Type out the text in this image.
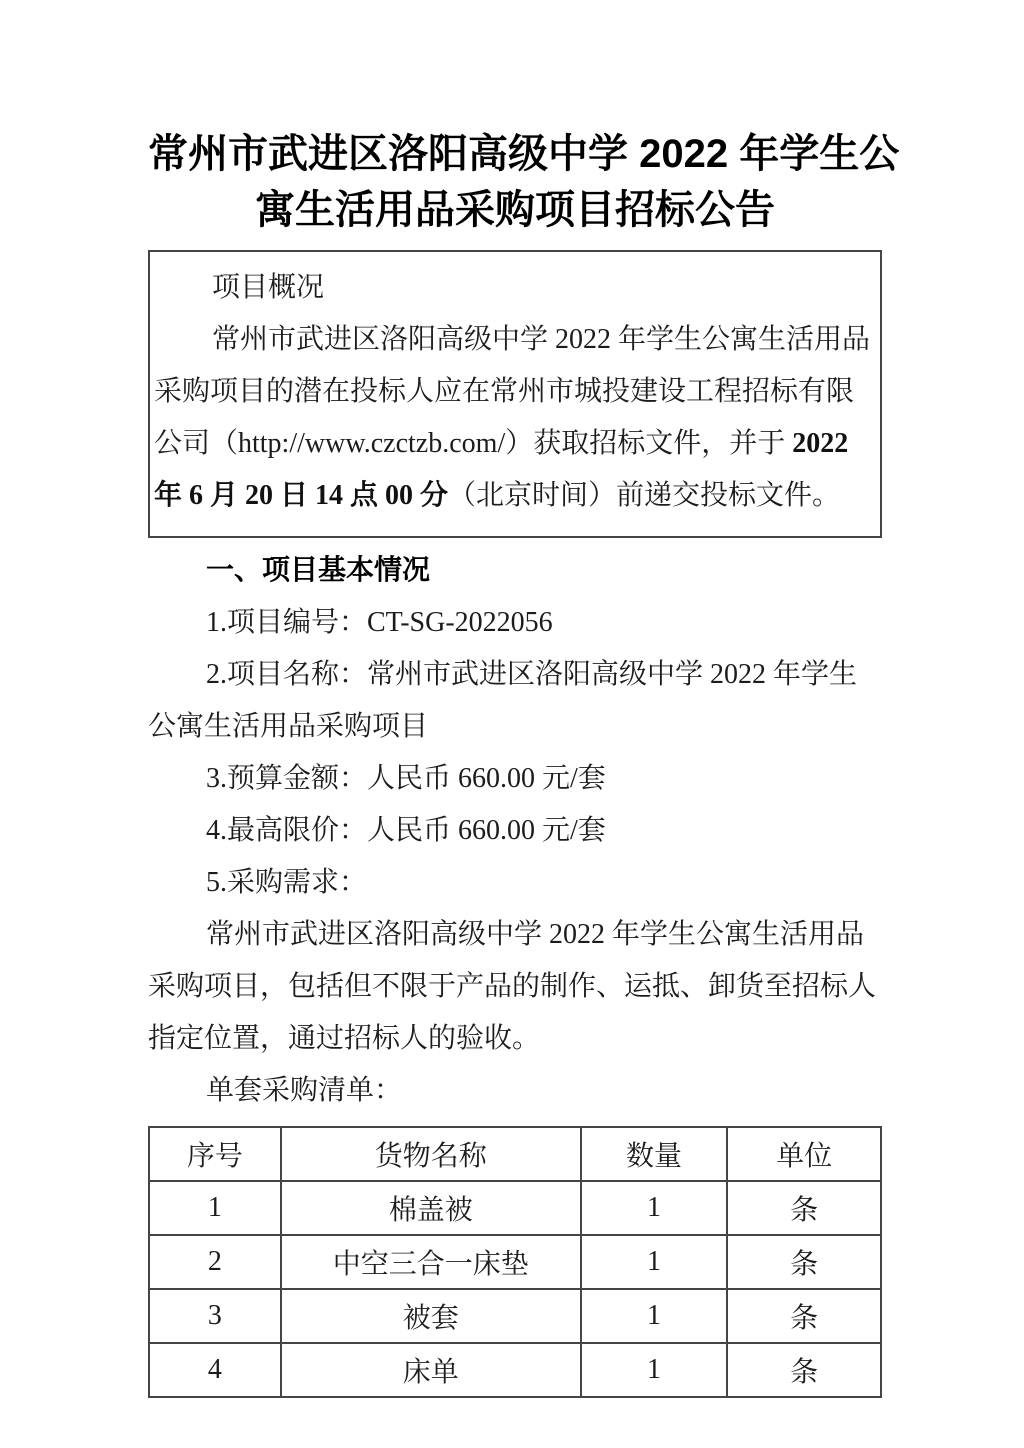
常州市武进区洛阳高级中学 2022 年学生公
寓生活用品采购项目招标公告
项目概况
常州市武进区洛阳高级中学 2022 年学生公寓生活用品
采购项目的潜在投标人应在常州市城投建设工程招标有限
公司（http://www.czctzb.com/）获取招标文件，并于 2022
年 6 月 20 日 14 点 00 分（北京时间）前递交投标文件。
一、项目基本情况
1.项目编号：CT-SG-2022056
2.项目名称：常州市武进区洛阳高级中学 2022 年学生
公寓生活用品采购项目
3.预算金额：人民币 660.00 元/套
4.最高限价：人民币 660.00 元/套
5.采购需求：
常州市武进区洛阳高级中学 2022 年学生公寓生活用品
采购项目，包括但不限于产品的制作、运抵、卸货至招标人
指定位置，通过招标人的验收。
单套采购清单：
序号	货物名称	数量	单位
1	棉盖被	1	条
2	中空三合一床垫	1	条
3	被套	1	条
4	床单	1	条
